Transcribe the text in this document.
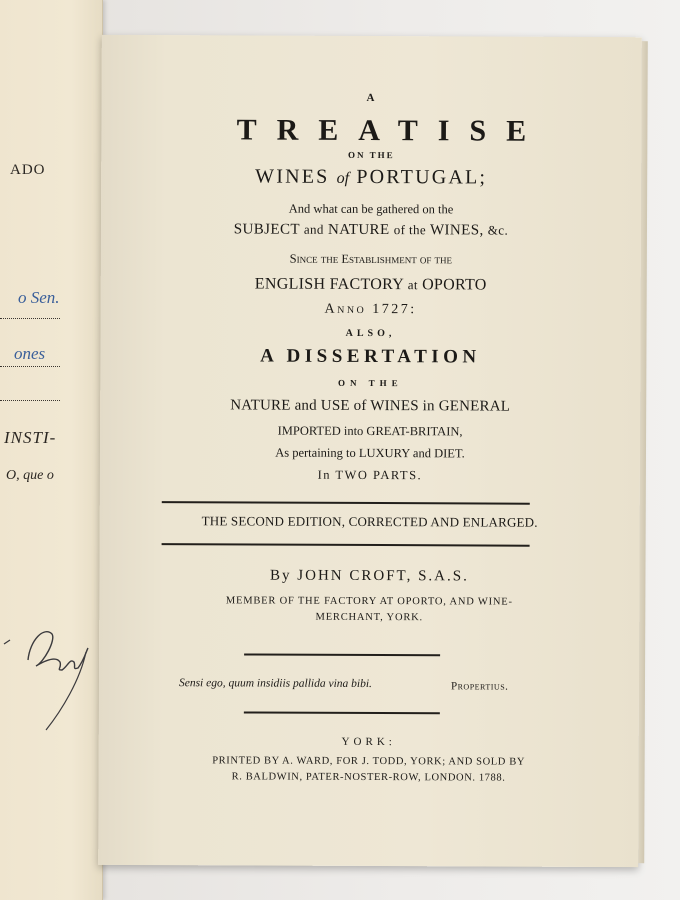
ADO
o Sen.
ones
INSTI-
O, que o
A
TREATISE
ON THE
WINES of PORTUGAL;
And what can be gathered on the
SUBJECT and NATURE of the WINES, &c.
Since the Establishment of the
ENGLISH FACTORY at OPORTO
Anno 1727:
ALSO,
A DISSERTATION
ON THE
NATURE and USE of WINES in GENERAL
IMPORTED into GREAT-BRITAIN,
As pertaining to LUXURY and DIET.
In TWO PARTS.
THE SECOND EDITION, CORRECTED AND ENLARGED.
By JOHN CROFT, S.A.S.
MEMBER OF THE FACTORY AT OPORTO, AND WINE-
MERCHANT, YORK.
Sensi ego, quum insidiis pallida vina bibi.	Propertius.
YORK:
PRINTED BY A. WARD, FOR J. TODD, YORK; AND SOLD BY
R. BALDWIN, PATER-NOSTER-ROW, LONDON. 1788.
